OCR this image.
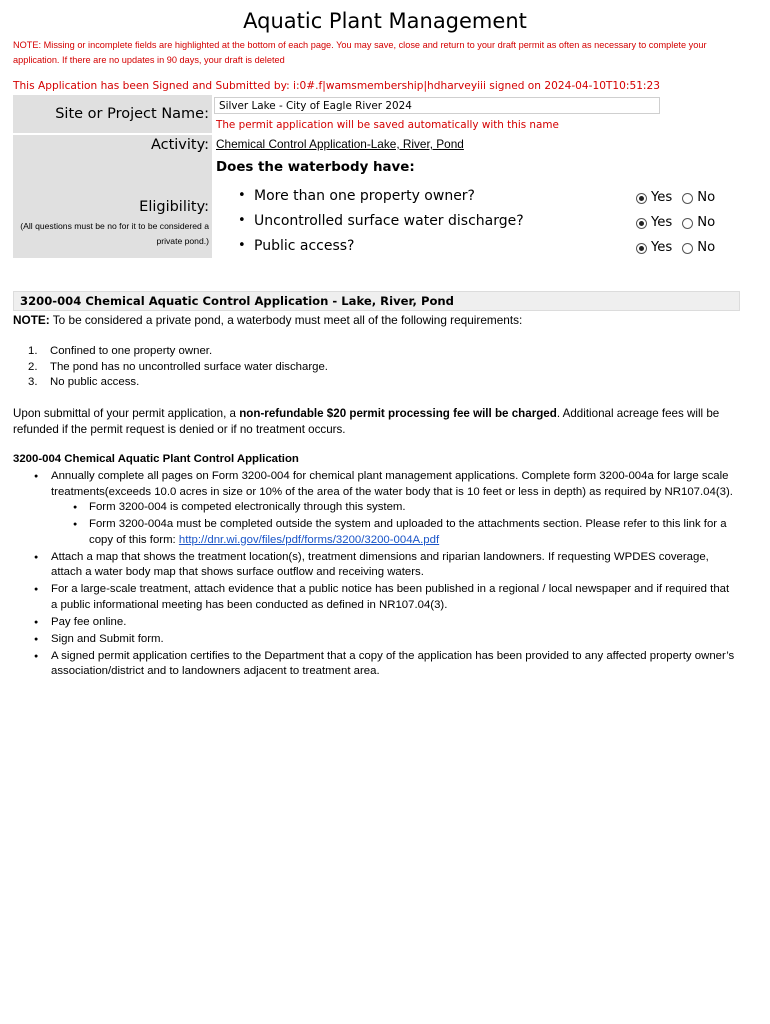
Aquatic Plant Management
NOTE: Missing or incomplete fields are highlighted at the bottom of each page. You may save, close and return to your draft permit as often as necessary to complete your application. If there are no updates in 90 days, your draft is deleted
This Application has been Signed and Submitted by: i:0#.f|wamsmembership|hdharveyiii signed on 2024-04-10T10:51:23
Site or Project Name: Silver Lake - City of Eagle River 2024
The permit application will be saved automatically with this name
Activity: Chemical Control Application-Lake, River, Pond
Eligibility:
(All questions must be no for it to be considered a private pond.)
Does the waterbody have:
• More than one property owner?	Yes No
• Uncontrolled surface water discharge?	Yes No
• Public access?	Yes No
3200-004 Chemical Aquatic Control Application - Lake, River, Pond
NOTE: To be considered a private pond, a waterbody must meet all of the following requirements:
1. Confined to one property owner.
2. The pond has no uncontrolled surface water discharge.
3. No public access.
Upon submittal of your permit application, a non-refundable $20 permit processing fee will be charged. Additional acreage fees will be refunded if the permit request is denied or if no treatment occurs.
3200-004 Chemical Aquatic Plant Control Application
● Annually complete all pages on Form 3200-004 for chemical plant management applications. Complete form 3200-004a for large scale treatments(exceeds 10.0 acres in size or 10% of the area of the water body that is 10 feet or less in depth) as required by NR107.04(3).
● Form 3200-004 is competed electronically through this system.
● Form 3200-004a must be completed outside the system and uploaded to the attachments section. Please refer to this link for a copy of this form: http://dnr.wi.gov/files/pdf/forms/3200/3200-004A.pdf
● Attach a map that shows the treatment location(s), treatment dimensions and riparian landowners. If requesting WPDES coverage, attach a water body map that shows surface outflow and receiving waters.
● For a large-scale treatment, attach evidence that a public notice has been published in a regional / local newspaper and if required that a public informational meeting has been conducted as defined in NR107.04(3).
● Pay fee online.
● Sign and Submit form.
● A signed permit application certifies to the Department that a copy of the application has been provided to any affected property owner’s association/district and to landowners adjacent to treatment area.
